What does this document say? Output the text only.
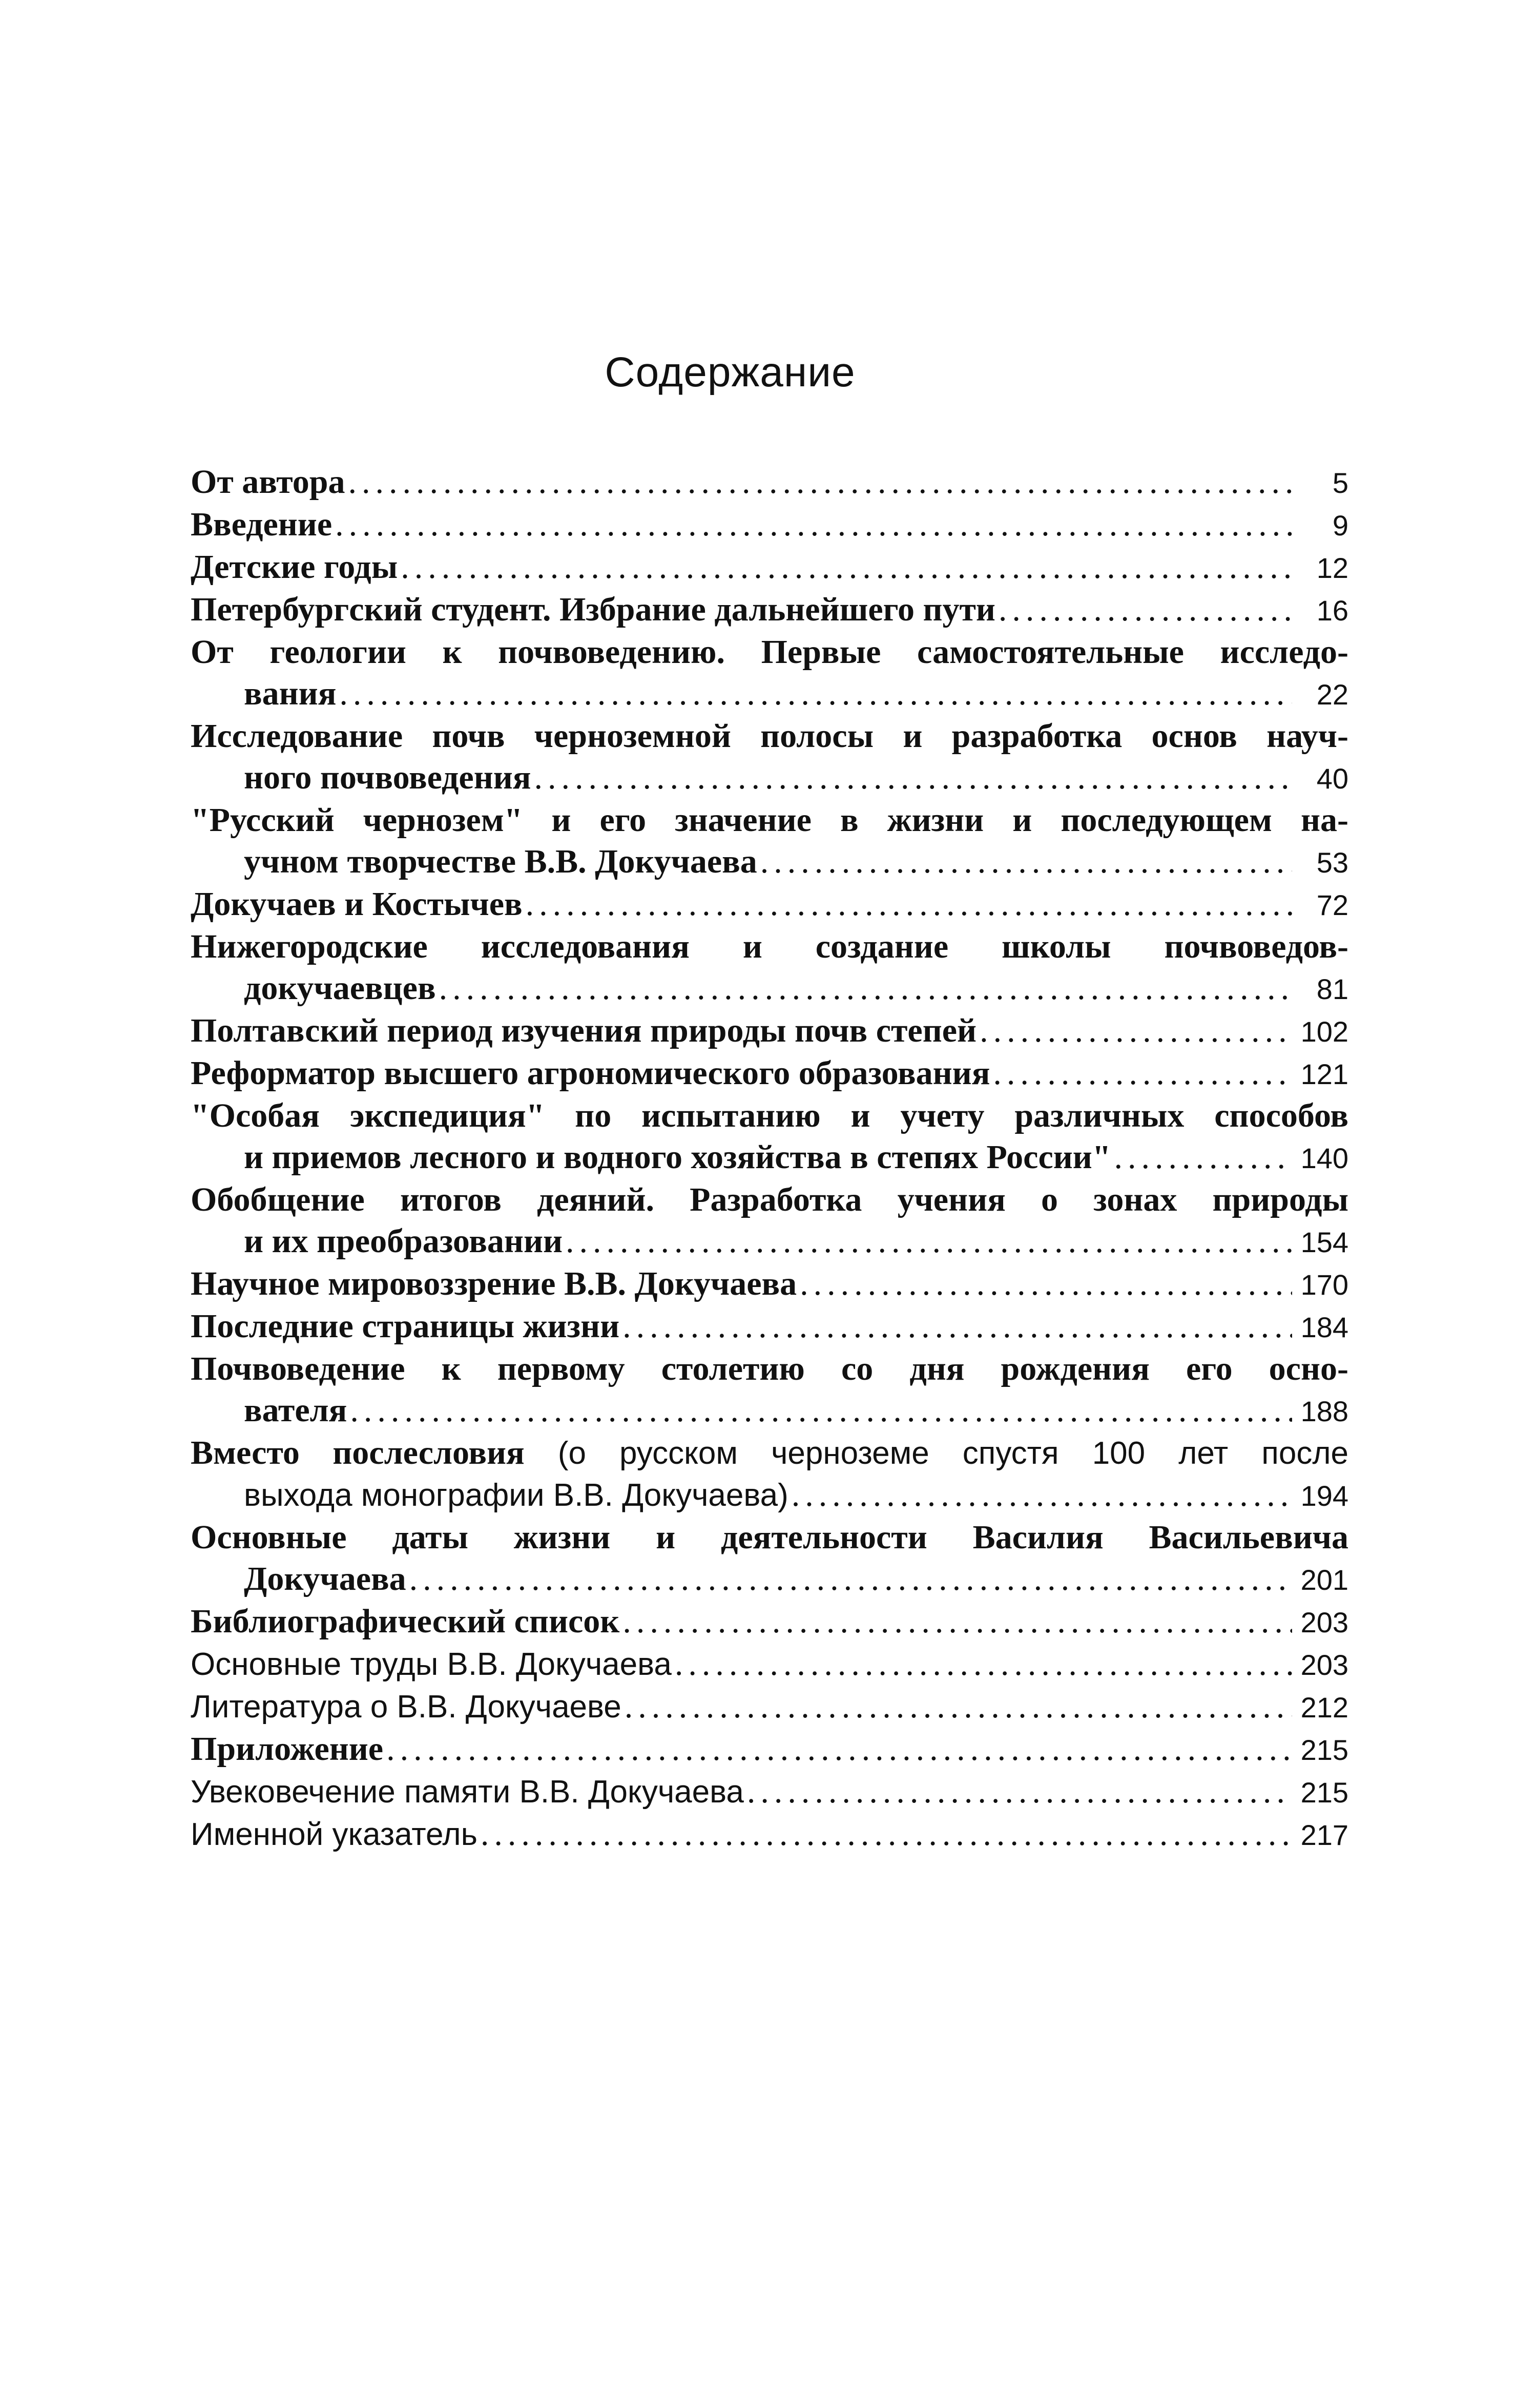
Содержание
От автора .....	5
Введение .....	9
Детские годы .....	12
Петербургский студент. Избрание дальнейшего пути .....	16
От геологии к почвоведению. Первые самостоятельные исследо-
вания .....	22
Исследование почв черноземной полосы и разработка основ науч-
ного почвоведения .....	40
"Русский чернозем" и его значение в жизни и последующем на-
учном творчестве В.В. Докучаева .....	53
Докучаев и Костычев .....	72
Нижегородские исследования и создание школы почвоведов-
докучаевцев .....	81
Полтавский период изучения природы почв степей .....	102
Реформатор высшего агрономического образования .....	121
"Особая экспедиция" по испытанию и учету различных способов
и приемов лесного и водного хозяйства в степях России" .....	140
Обобщение итогов деяний. Разработка учения о зонах природы
и их преобразовании .....	154
Научное мировоззрение В.В. Докучаева .....	170
Последние страницы жизни .....	184
Почвоведение к первому столетию со дня рождения его осно-
вателя .....	188
Вместо послесловия (о русском черноземе спустя 100 лет после
выхода монографии В.В. Докучаева) .....	194
Основные даты жизни и деятельности Василия Васильевича
Докучаева .....	201
Библиографический список .....	203
Основные труды В.В. Докучаева .....	203
Литература о В.В. Докучаеве .....	212
Приложение .....	215
Увековечение памяти В.В. Докучаева .....	215
Именной указатель .....	217
